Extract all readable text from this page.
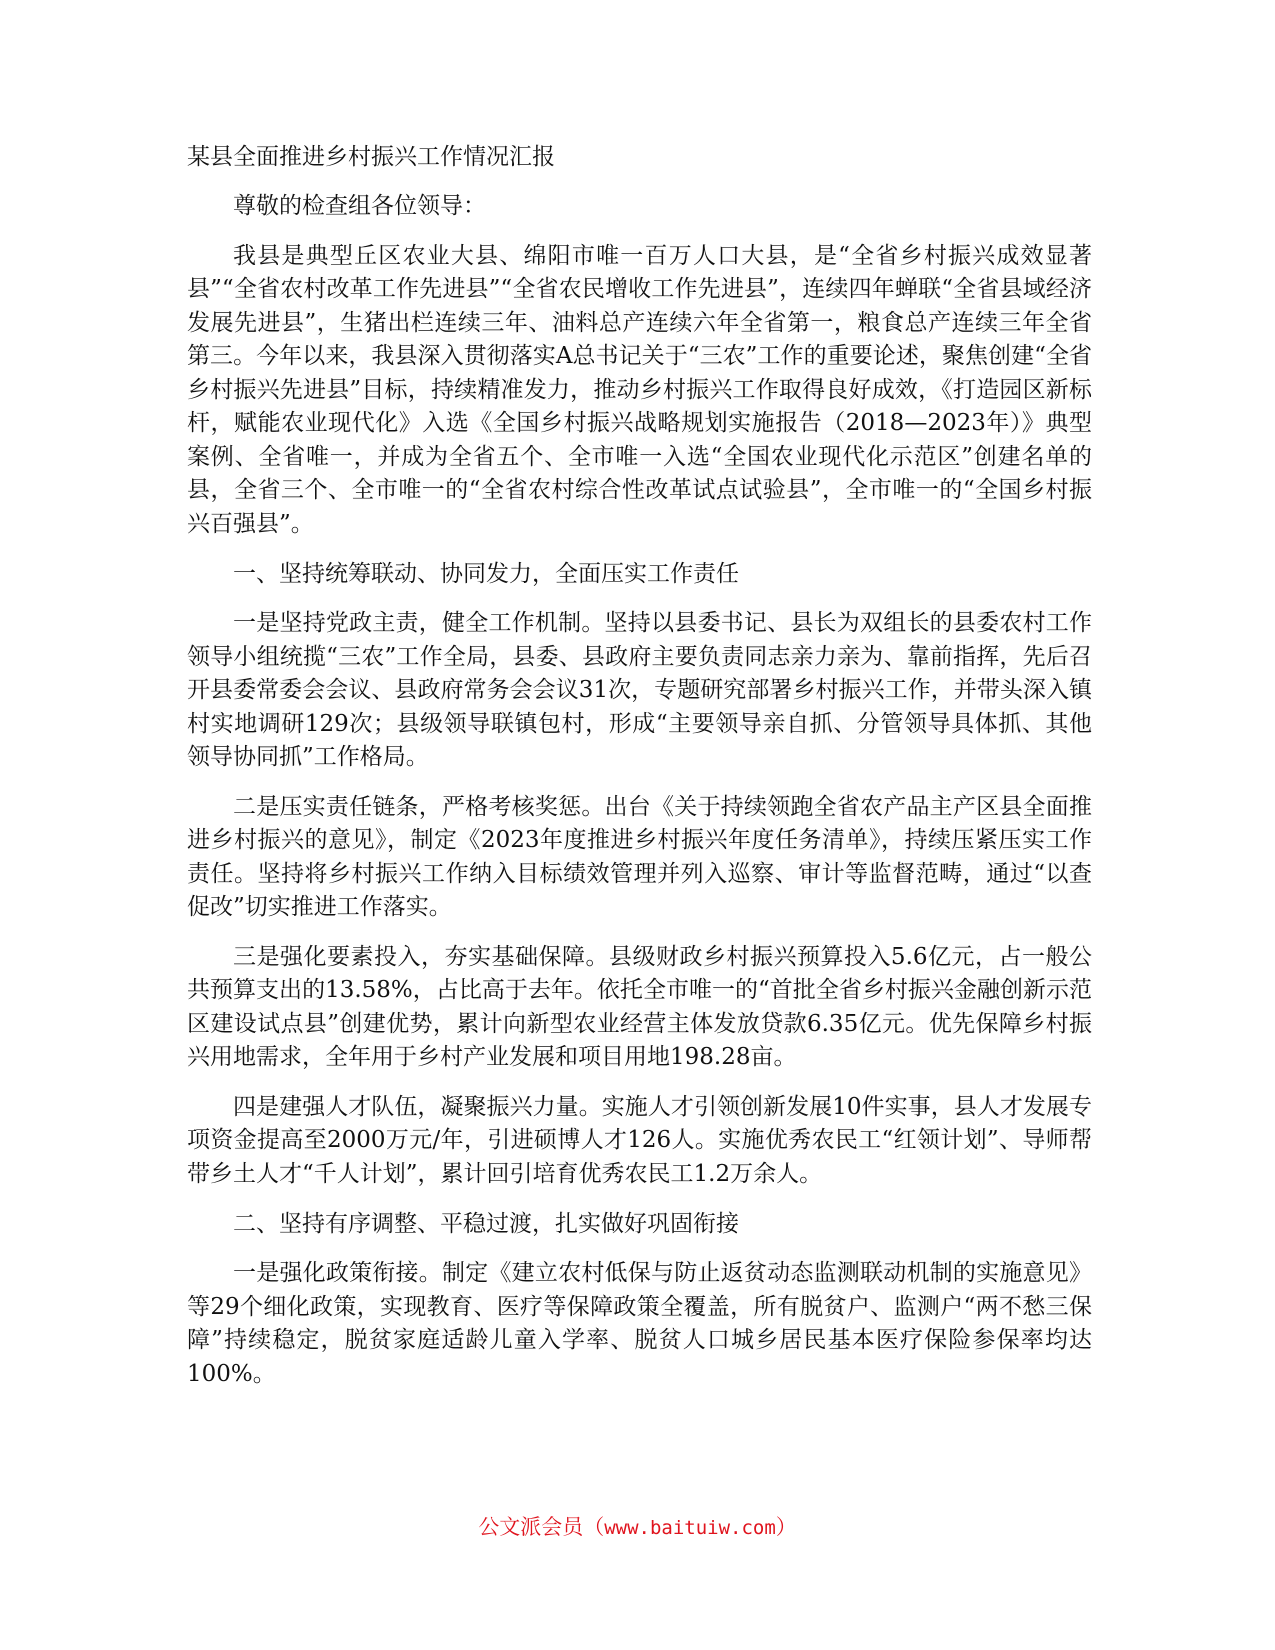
某县全面推进乡村振兴工作情况汇报

尊敬的检查组各位领导：

我县是典型丘区农业大县、绵阳市唯一百万人口大县，是“全省乡村振兴成效显著县”“全省农村改革工作先进县”“全省农民增收工作先进县”，连续四年蝉联“全省县域经济发展先进县”，生猪出栏连续三年、油料总产连续六年全省第一，粮食总产连续三年全省第三。今年以来，我县深入贯彻落实A总书记关于“三农”工作的重要论述，聚焦创建“全省乡村振兴先进县”目标，持续精准发力，推动乡村振兴工作取得良好成效，《打造园区新标杆，赋能农业现代化》入选《全国乡村振兴战略规划实施报告（2018—2023年）》典型案例、全省唯一，并成为全省五个、全市唯一入选“全国农业现代化示范区”创建名单的县，全省三个、全市唯一的“全省农村综合性改革试点试验县”，全市唯一的“全国乡村振兴百强县”。

一、坚持统筹联动、协同发力，全面压实工作责任

一是坚持党政主责，健全工作机制。坚持以县委书记、县长为双组长的县委农村工作领导小组统揽“三农”工作全局，县委、县政府主要负责同志亲力亲为、靠前指挥，先后召开县委常委会会议、县政府常务会会议31次，专题研究部署乡村振兴工作，并带头深入镇村实地调研129次；县级领导联镇包村，形成“主要领导亲自抓、分管领导具体抓、其他领导协同抓”工作格局。

二是压实责任链条，严格考核奖惩。出台《关于持续领跑全省农产品主产区县全面推进乡村振兴的意见》，制定《2023年度推进乡村振兴年度任务清单》，持续压紧压实工作责任。坚持将乡村振兴工作纳入目标绩效管理并列入巡察、审计等监督范畴，通过“以查促改”切实推进工作落实。

三是强化要素投入，夯实基础保障。县级财政乡村振兴预算投入5.6亿元，占一般公共预算支出的13.58%，占比高于去年。依托全市唯一的“首批全省乡村振兴金融创新示范区建设试点县”创建优势，累计向新型农业经营主体发放贷款6.35亿元。优先保障乡村振兴用地需求，全年用于乡村产业发展和项目用地198.28亩。

四是建强人才队伍，凝聚振兴力量。实施人才引领创新发展10件实事，县人才发展专项资金提高至2000万元/年，引进硕博人才126人。实施优秀农民工“红领计划”、导师帮带乡土人才“千人计划”，累计回引培育优秀农民工1.2万余人。

二、坚持有序调整、平稳过渡，扎实做好巩固衔接

一是强化政策衔接。制定《建立农村低保与防止返贫动态监测联动机制的实施意见》等29个细化政策，实现教育、医疗等保障政策全覆盖，所有脱贫户、监测户“两不愁三保障”持续稳定，脱贫家庭适龄儿童入学率、脱贫人口城乡居民基本医疗保险参保率均达100%。

公文派会员（www.baituiw.com）
